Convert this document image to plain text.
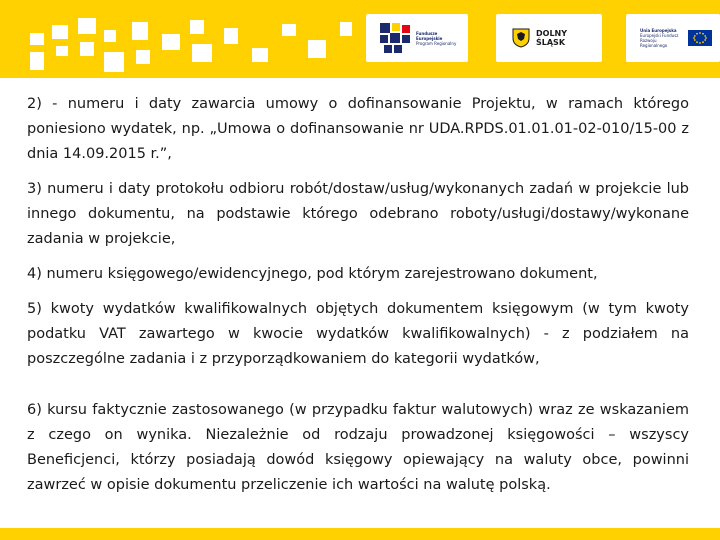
Fundusze
Europejskie
Program Regionalny
DOLNY
ŚLĄSK
Unia Europejska
Europejski Fundusz
Rozwoju Regionalnego

2) - numeru i daty zawarcia umowy o dofinansowanie Projektu, w ramach którego poniesiono wydatek, np. „Umowa o dofinansowanie nr UDA.RPDS.01.01.01-02-010/15-00 z dnia 14.09.2015 r.”,

3) numeru i daty protokołu odbioru robót/dostaw/usług/wykonanych zadań w projekcie lub innego dokumentu, na podstawie którego odebrano roboty/usługi/dostawy/wykonane zadania w projekcie,

4) numeru księgowego/ewidencyjnego, pod którym zarejestrowano dokument,

5) kwoty wydatków kwalifikowalnych objętych dokumentem księgowym (w tym kwoty podatku VAT zawartego w kwocie wydatków kwalifikowalnych) - z podziałem na poszczególne zadania i z przyporządkowaniem do kategorii wydatków,

6) kursu faktycznie zastosowanego (w przypadku faktur walutowych) wraz ze wskazaniem z czego on wynika. Niezależnie od rodzaju prowadzonej księgowości – wszyscy Beneficjenci, którzy posiadają dowód księgowy opiewający na waluty obce, powinni zawrzeć w opisie dokumentu przeliczenie ich wartości na walutę polską.
